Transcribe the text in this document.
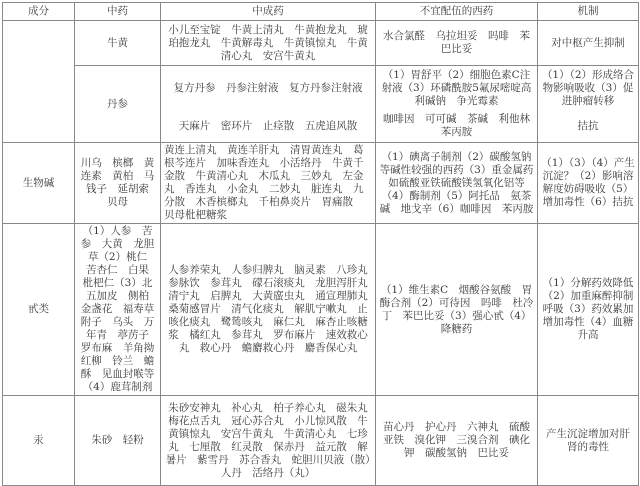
成分	中药	中成药	不宜配伍的西药	机制
	牛黄	小儿至宝锭　牛黄上清丸　牛黄抱龙丸　琥珀抱龙丸　牛黄解毒丸　牛黄镇惊丸　牛黄清心丸　安宫牛黄丸	水合氯醛　乌拉坦妥　吗啡　苯巴比妥	对中枢产生抑制
	丹参	复方丹参　丹参注射液　复方丹参注射液	（1）胃舒平（2）细胞色素C注射液（3）环磷酰胺5氟尿嘧啶高利碱钠　争光霉素	（1）（2）形成络合物影响吸收（3）促进肿瘤转移
		天麻片　密环片　止痉散　五虎追风散	咖啡因　可可碱　茶碱　利他林苯丙胺	拮抗
生物碱	川乌　槟榔　黄连素　黄柏　马钱子　延胡索　贝母	黄连上清丸　黄连羊肝丸　清胃黄连丸　葛根芩连片　加味香连丸　小活络丹　牛黄千金散　牛黄清心丸　木瓜丸　三妙丸　左金丸　香连丸　小金丸　二妙丸　脏连丸　九分散　木香槟榔丸　千柏鼻炎片　胃痛散　贝母枇杷糖浆	（1）碘离子制剂（2）碳酸氢钠等碱性较强的西药（3）重金属药如硫酸亚铁硫酸镁氢氧化铝等（4）酶制剂（5）阿托品　氨茶碱　地戈辛（6）咖啡因　苯丙胺	（1）（3）（4）产生沉淀？（2）影响溶解度妨碍吸收（5）增加毒性（6）拮抗
甙类	（1）人参　苦参　大黄　龙胆草（2）桃仁　苦杏仁　白果　枇杷仁（3）北五加皮　侧柏　金盏花　福寿草　附子　乌头　万年青　葶苈子　罗布麻　羊角拗　红柳　铃兰　蟾酥　见血封喉等（4）鹿茸制剂	人参养荣丸　人参归脾丸　脑灵素　八珍丸　参脉饮　参茸丸　礞石滚痰丸　龙胆泻肝丸　清宁丸　启脾丸　大黄䗪虫丸　通宣理肺丸　桑菊感冒片　清气化痰丸　解肌宁嗽丸　止咳化痰丸　鹭鸶咳丸　麻仁丸　麻杏止咳糖浆　橘红丸　参茸丸　罗布麻片　速效救心丸　救心丹　蟾麝救心丹　麝香保心丸	（1）维生素C　烟酸谷氨酸　胃酶合剂（2）可待因　吗啡　杜冷丁　苯巴比妥（3）强心甙（4）降糖药	（1）分解药效降低（2）加重麻醉抑制呼吸（3）药效累加增加毒性（4）血糖升高
汞	朱砂　轻粉	朱砂安神丸　补心丸　柏子养心丸　磁朱丸　梅花点舌丸　冠心苏合丸　小儿惊风散　牛黄镇惊丸　安宫牛黄丸　牛黄清心丸　七珍丸　七厘散　红灵散　保赤丹　益元散　解暑片　紫雪丹　苏合香丸　蛇胆川贝液（散）　人丹　活络丹（丸）	苗心丹　护心丹　六神丸　硫酸亚铁　溴化钾　三溴合剂　碘化钾　碳酸氢钠　巴比妥	产生沉淀增加对肝肾的毒性
